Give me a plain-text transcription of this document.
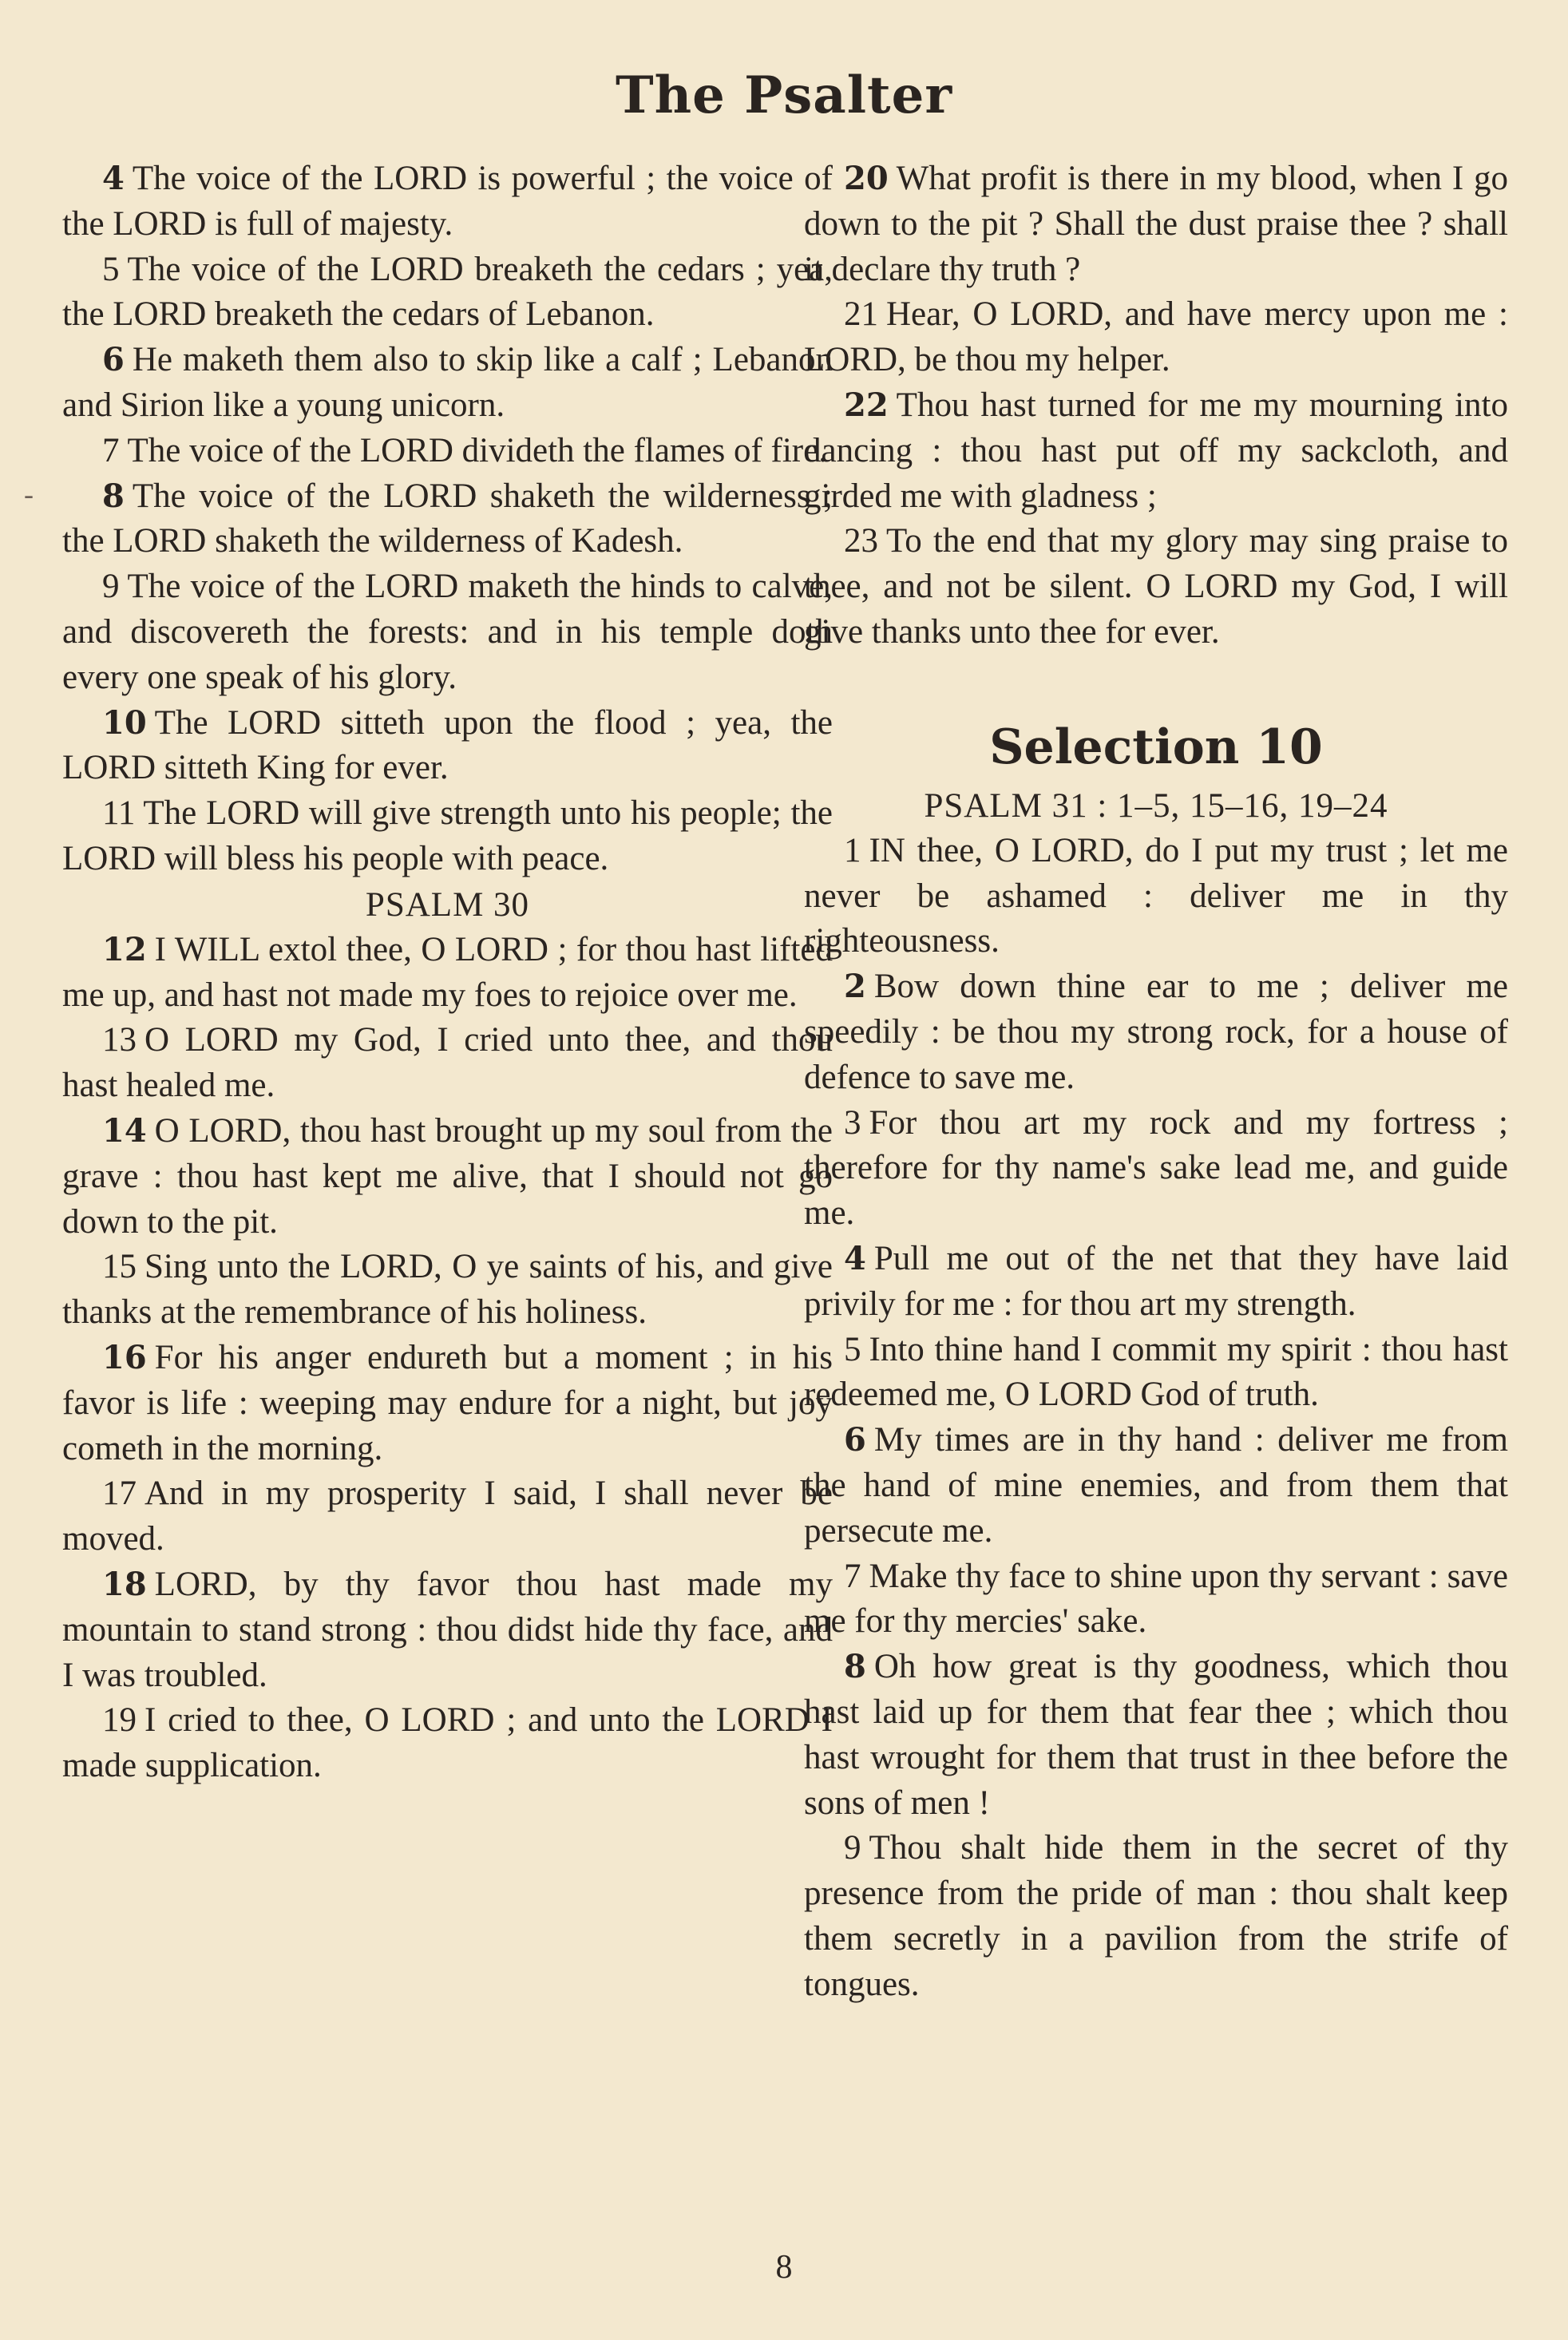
The Psalter
-

4 The voice of the LORD is powerful ; the voice of the LORD is full of majesty.

5 The voice of the LORD breaketh the cedars ; yea, the LORD breaketh the cedars of Lebanon.

6 He maketh them also to skip like a calf ; Lebanon and Sirion like a young unicorn.

7 The voice of the LORD divideth the flames of fire.

8 The voice of the LORD shaketh the wilderness ; the LORD shaketh the wilderness of Kadesh.

9 The voice of the LORD maketh the hinds to calve, and discovereth the forests: and in his temple doth every one speak of his glory.

10 The LORD sitteth upon the flood ; yea, the LORD sitteth King for ever.

11 The LORD will give strength unto his people; the LORD will bless his people with peace.

PSALM 30

12 I WILL extol thee, O LORD ; for thou hast lifted me up, and hast not made my foes to rejoice over me.

13 O LORD my God, I cried unto thee, and thou hast healed me.

14 O LORD, thou hast brought up my soul from the grave : thou hast kept me alive, that I should not go down to the pit.

15 Sing unto the LORD, O ye saints of his, and give thanks at the remembrance of his holiness.

16 For his anger endureth but a moment ; in his favor is life : weeping may endure for a night, but joy cometh in the morning.

17 And in my prosperity I said, I shall never be moved.

18 LORD, by thy favor thou hast made my mountain to stand strong : thou didst hide thy face, and I was troubled.

19 I cried to thee, O LORD ; and unto the LORD I made supplication.

20 What profit is there in my blood, when I go down to the pit ? Shall the dust praise thee ? shall it declare thy truth ?

21 Hear, O LORD, and have mercy upon me : LORD, be thou my helper.

22 Thou hast turned for me my mourning into dancing : thou hast put off my sackcloth, and girded me with gladness ;

23 To the end that my glory may sing praise to thee, and not be silent. O LORD my God, I will give thanks unto thee for ever.

Selection 10

PSALM 31 : 1–5, 15–16, 19–24

1 IN thee, O LORD, do I put my trust ; let me never be ashamed : deliver me in thy righteousness.

2 Bow down thine ear to me ; deliver me speedily : be thou my strong rock, for a house of defence to save me.

3 For thou art my rock and my fortress ; therefore for thy name's sake lead me, and guide me.

4 Pull me out of the net that they have laid privily for me : for thou art my strength.

5 Into thine hand I commit my spirit : thou hast redeemed me, O LORD God of truth.

6 My times are in thy hand : deliver me from the hand of mine enemies, and from them that persecute me.

7 Make thy face to shine upon thy servant : save me for thy mercies' sake.

8 Oh how great is thy goodness, which thou hast laid up for them that fear thee ; which thou hast wrought for them that trust in thee before the sons of men !

9 Thou shalt hide them in the secret of thy presence from the pride of man : thou shalt keep them secretly in a pavilion from the strife of tongues.

8
